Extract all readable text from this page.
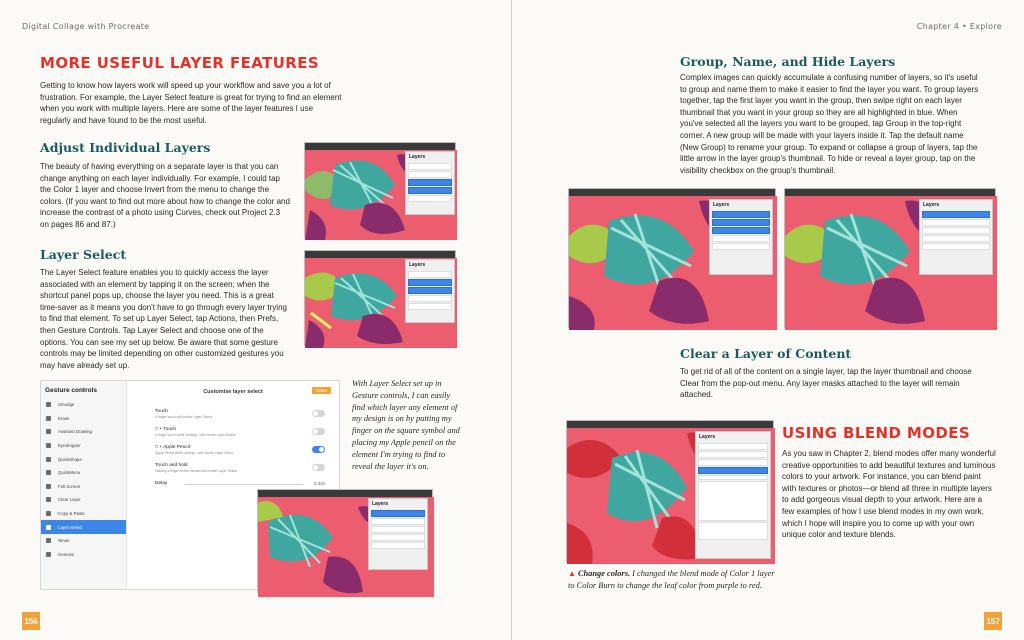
Digital Collage with Procreate
MORE USEFUL LAYER FEATURES
Getting to know how layers work will speed up your workflow and save you a lot of frustration. For example, the Layer Select feature is great for trying to find an element when you work with multiple layers. Here are some of the layer features I use regularly and have found to be the most useful.
Adjust Individual Layers
The beauty of having everything on a separate layer is that you can change anything on each layer individually. For example, I could tap the Color 1 layer and choose Invert from the menu to change the colors. (If you want to find out more about how to change the color and increase the contrast of a photo using Curves, check out Project 2.3 on pages 86 and 87.)
Layer Select
The Layer Select feature enables you to quickly access the layer associated with an element by tapping it on the screen; when the shortcut panel pops up, choose the layer you need. This is a great time-saver as it means you don't have to go through every layer trying to find that element. To set up Layer Select, tap Actions, then Prefs, then Gesture Controls. Tap Layer Select and choose one of the options. You can see my set up below. Be aware that some gesture controls may be limited depending on other customized gestures you may have already set up.
Layers
Layers
Gesture controls
Smudge
Erase
Assisted Drawing
Eyedropper
QuickShape
QuickMenu
Full Screen
Clear Layer
Copy & Paste
Layer Select
Never
General
Customise layer select	Done
Touch
A finger touch will invoke Layer Select
□ + Touch
A finger touch while holding □ will invoke Layer Select
□ + Apple Pencil
Apple Pencil while holding □ will invoke Layer Select
Touch and hold
Holding a finger on the canvas will invoke Layer Select
Delay	0.30s
Layers
With Layer Select set up in Gesture controls, I can easily find which layer any element of my design is on by putting my finger on the square symbol and placing my Apple pencil on the element I'm trying to find to reveal the layer it's on.
156
Chapter 4 • Explore
Group, Name, and Hide Layers
Complex images can quickly accumulate a confusing number of layers, so it's useful to group and name them to make it easier to find the layer you want. To group layers together, tap the first layer you want in the group, then swipe right on each layer thumbnail that you want in your group so they are all highlighted in blue. When you've selected all the layers you want to be grouped, tap Group in the top-right corner. A new group will be made with your layers inside it. Tap the default name (New Group) to rename your group. To expand or collapse a group of layers, tap the little arrow in the layer group's thumbnail. To hide or reveal a layer group, tap on the visibility checkbox on the group's thumbnail.
Layers	Layers
Clear a Layer of Content
To get rid of all of the content on a single layer, tap the layer thumbnail and choose Clear from the pop-out menu. Any layer masks attached to the layer will remain attached.
Layers
▲ Change colors. I changed the blend mode of Color 1 layer to Color Burn to change the leaf color from purple to red.
USING BLEND MODES
As you saw in Chapter 2, blend modes offer many wonderful creative opportunities to add beautiful textures and luminous colors to your artwork. For instance, you can blend paint with textures or photos—or blend all three in multiple layers to add gorgeous visual depth to your artwork. Here are a few examples of how I use blend modes in my own work, which I hope will inspire you to come up with your own unique color and texture blends.
157
